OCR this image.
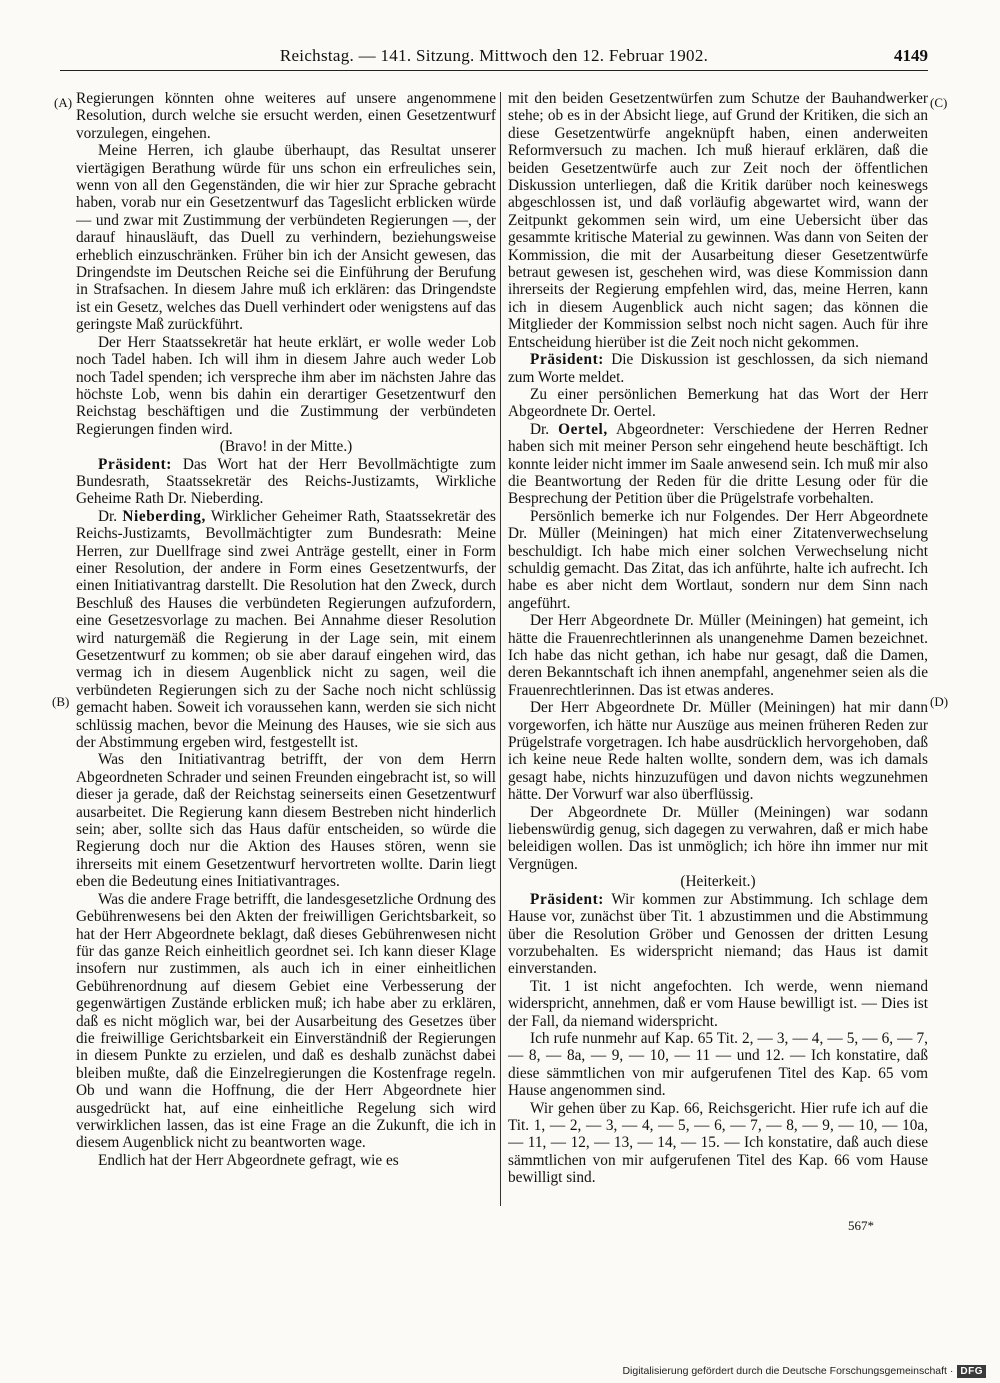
Reichstag. — 141. Sitzung. Mittwoch den 12. Februar 1902.	4149
(A)
(B)
(C)
(D)

Regierungen könnten ohne weiteres auf unsere angenommene Resolution, durch welche sie ersucht werden, einen Gesetzentwurf vorzulegen, eingehen.

Meine Herren, ich glaube überhaupt, das Resultat unserer viertägigen Berathung würde für uns schon ein erfreuliches sein, wenn von all den Gegenständen, die wir hier zur Sprache gebracht haben, vorab nur ein Gesetzentwurf das Tageslicht erblicken würde — und zwar mit Zustimmung der verbündeten Regierungen —, der darauf hinausläuft, das Duell zu verhindern, beziehungsweise erheblich einzuschränken. Früher bin ich der Ansicht gewesen, das Dringendste im Deutschen Reiche sei die Einführung der Berufung in Strafsachen. In diesem Jahre muß ich erklären: das Dringendste ist ein Gesetz, welches das Duell verhindert oder wenigstens auf das geringste Maß zurückführt.

Der Herr Staatssekretär hat heute erklärt, er wolle weder Lob noch Tadel haben. Ich will ihm in diesem Jahre auch weder Lob noch Tadel spenden; ich verspreche ihm aber im nächsten Jahre das höchste Lob, wenn bis dahin ein derartiger Gesetzentwurf den Reichstag beschäftigen und die Zustimmung der verbündeten Regierungen finden wird.

(Bravo! in der Mitte.)

Präsident: Das Wort hat der Herr Bevollmächtigte zum Bundesrath, Staatssekretär des Reichs-Justizamts, Wirkliche Geheime Rath Dr. Nieberding.

Dr. Nieberding, Wirklicher Geheimer Rath, Staatssekretär des Reichs-Justizamts, Bevollmächtigter zum Bundesrath: Meine Herren, zur Duellfrage sind zwei Anträge gestellt, einer in Form einer Resolution, der andere in Form eines Gesetzentwurfs, der einen Initiativantrag darstellt. Die Resolution hat den Zweck, durch Beschluß des Hauses die verbündeten Regierungen aufzufordern, eine Gesetzesvorlage zu machen. Bei Annahme dieser Resolution wird naturgemäß die Regierung in der Lage sein, mit einem Gesetzentwurf zu kommen; ob sie aber darauf eingehen wird, das vermag ich in diesem Augenblick nicht zu sagen, weil die verbündeten Regierungen sich zu der Sache noch nicht schlüssig gemacht haben. Soweit ich voraussehen kann, werden sie sich nicht schlüssig machen, bevor die Meinung des Hauses, wie sie sich aus der Abstimmung ergeben wird, festgestellt ist.

Was den Initiativantrag betrifft, der von dem Herrn Abgeordneten Schrader und seinen Freunden eingebracht ist, so will dieser ja gerade, daß der Reichstag seinerseits einen Gesetzentwurf ausarbeitet. Die Regierung kann diesem Bestreben nicht hinderlich sein; aber, sollte sich das Haus dafür entscheiden, so würde die Regierung doch nur die Aktion des Hauses stören, wenn sie ihrerseits mit einem Gesetzentwurf hervortreten wollte. Darin liegt eben die Bedeutung eines Initiativantrages.

Was die andere Frage betrifft, die landesgesetzliche Ordnung des Gebührenwesens bei den Akten der freiwilligen Gerichtsbarkeit, so hat der Herr Abgeordnete beklagt, daß dieses Gebührenwesen nicht für das ganze Reich einheitlich geordnet sei. Ich kann dieser Klage insofern nur zustimmen, als auch ich in einer einheitlichen Gebührenordnung auf diesem Gebiet eine Verbesserung der gegenwärtigen Zustände erblicken muß; ich habe aber zu erklären, daß es nicht möglich war, bei der Ausarbeitung des Gesetzes über die freiwillige Gerichtsbarkeit ein Einverständniß der Regierungen in diesem Punkte zu erzielen, und daß es deshalb zunächst dabei bleiben mußte, daß die Einzelregierungen die Kostenfrage regeln. Ob und wann die Hoffnung, die der Herr Abgeordnete hier ausgedrückt hat, auf eine einheitliche Regelung sich wird verwirklichen lassen, das ist eine Frage an die Zukunft, die ich in diesem Augenblick nicht zu beantworten wage.

Endlich hat der Herr Abgeordnete gefragt, wie es

mit den beiden Gesetzentwürfen zum Schutze der Bauhandwerker stehe; ob es in der Absicht liege, auf Grund der Kritiken, die sich an diese Gesetzentwürfe angeknüpft haben, einen anderweiten Reformversuch zu machen. Ich muß hierauf erklären, daß die beiden Gesetzentwürfe auch zur Zeit noch der öffentlichen Diskussion unterliegen, daß die Kritik darüber noch keineswegs abgeschlossen ist, und daß vorläufig abgewartet wird, wann der Zeitpunkt gekommen sein wird, um eine Uebersicht über das gesammte kritische Material zu gewinnen. Was dann von Seiten der Kommission, die mit der Ausarbeitung dieser Gesetzentwürfe betraut gewesen ist, geschehen wird, was diese Kommission dann ihrerseits der Regierung empfehlen wird, das, meine Herren, kann ich in diesem Augenblick auch nicht sagen; das können die Mitglieder der Kommission selbst noch nicht sagen. Auch für ihre Entscheidung hierüber ist die Zeit noch nicht gekommen.

Präsident: Die Diskussion ist geschlossen, da sich niemand zum Worte meldet.

Zu einer persönlichen Bemerkung hat das Wort der Herr Abgeordnete Dr. Oertel.

Dr. Oertel, Abgeordneter: Verschiedene der Herren Redner haben sich mit meiner Person sehr eingehend heute beschäftigt. Ich konnte leider nicht immer im Saale anwesend sein. Ich muß mir also die Beantwortung der Reden für die dritte Lesung oder für die Besprechung der Petition über die Prügelstrafe vorbehalten.

Persönlich bemerke ich nur Folgendes. Der Herr Abgeordnete Dr. Müller (Meiningen) hat mich einer Zitatenverwechselung beschuldigt. Ich habe mich einer solchen Verwechselung nicht schuldig gemacht. Das Zitat, das ich anführte, halte ich aufrecht. Ich habe es aber nicht dem Wortlaut, sondern nur dem Sinn nach angeführt.

Der Herr Abgeordnete Dr. Müller (Meiningen) hat gemeint, ich hätte die Frauenrechtlerinnen als unangenehme Damen bezeichnet. Ich habe das nicht gethan, ich habe nur gesagt, daß die Damen, deren Bekanntschaft ich ihnen anempfahl, angenehmer seien als die Frauenrechtlerinnen. Das ist etwas anderes.

Der Herr Abgeordnete Dr. Müller (Meiningen) hat mir dann vorgeworfen, ich hätte nur Auszüge aus meinen früheren Reden zur Prügelstrafe vorgetragen. Ich habe ausdrücklich hervorgehoben, daß ich keine neue Rede halten wollte, sondern dem, was ich damals gesagt habe, nichts hinzuzufügen und davon nichts wegzunehmen hätte. Der Vorwurf war also überflüssig.

Der Abgeordnete Dr. Müller (Meiningen) war sodann liebenswürdig genug, sich dagegen zu verwahren, daß er mich habe beleidigen wollen. Das ist unmöglich; ich höre ihn immer nur mit Vergnügen.

(Heiterkeit.)

Präsident: Wir kommen zur Abstimmung. Ich schlage dem Hause vor, zunächst über Tit. 1 abzustimmen und die Abstimmung über die Resolution Gröber und Genossen der dritten Lesung vorzubehalten. Es widerspricht niemand; das Haus ist damit einverstanden.

Tit. 1 ist nicht angefochten. Ich werde, wenn niemand widerspricht, annehmen, daß er vom Hause bewilligt ist. — Dies ist der Fall, da niemand widerspricht.

Ich rufe nunmehr auf Kap. 65 Tit. 2, — 3, — 4, — 5, — 6, — 7, — 8, — 8a, — 9, — 10, — 11 — und 12. — Ich konstatire, daß diese sämmtlichen von mir aufgerufenen Titel des Kap. 65 vom Hause angenommen sind.

Wir gehen über zu Kap. 66, Reichsgericht. Hier rufe ich auf die Tit. 1, — 2, — 3, — 4, — 5, — 6, — 7, — 8, — 9, — 10, — 10a, — 11, — 12, — 13, — 14, — 15. — Ich konstatire, daß auch diese sämmtlichen von mir aufgerufenen Titel des Kap. 66 vom Hause bewilligt sind.

567*
Digitalisierung gefördert durch die Deutsche Forschungsgemeinschaft · DFG
